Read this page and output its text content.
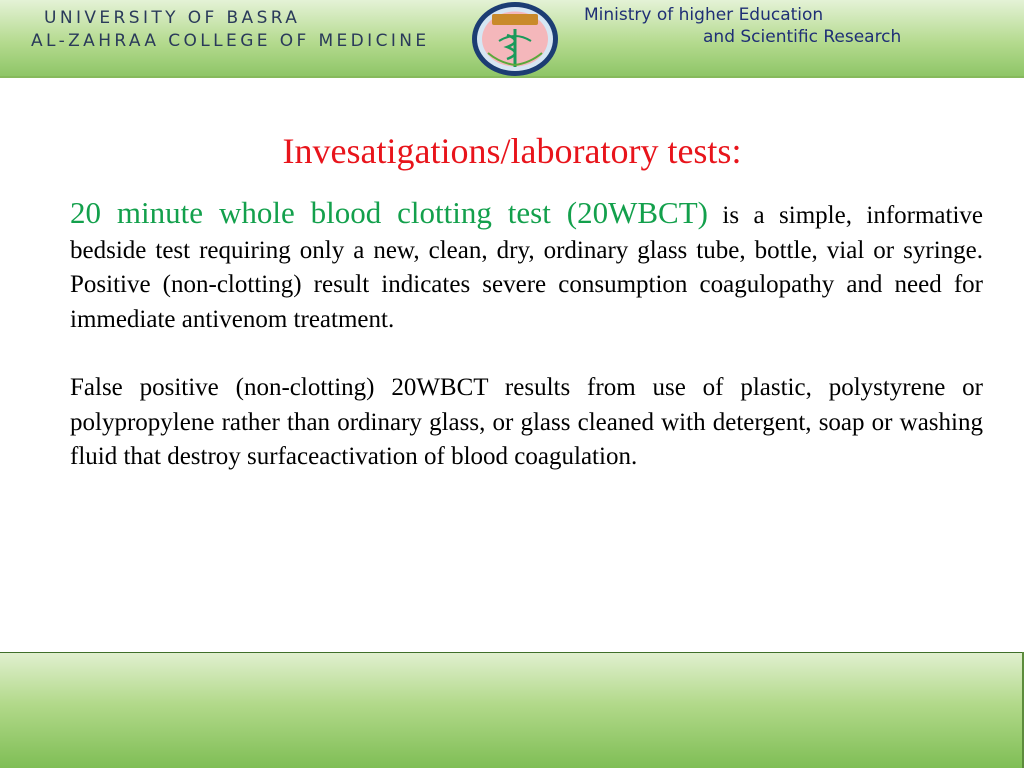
UNIVERSITY OF BASRA
AL-ZAHRAA COLLEGE OF MEDICINE
Ministry of higher Education
and Scientific Research
Invesatigations/laboratory tests:

20 minute whole blood clotting test (20WBCT) is a simple, informative bedside test requiring only a new, clean, dry, ordinary glass tube, bottle, vial or syringe. Positive (non-clotting) result indicates severe consumption coagulopathy and need for immediate antivenom treatment.

False positive (non-clotting) 20WBCT results from use of plastic, polystyrene or polypropylene rather than ordinary glass, or glass cleaned with detergent, soap or washing fluid that destroy surfaceactivation of blood coagulation.
